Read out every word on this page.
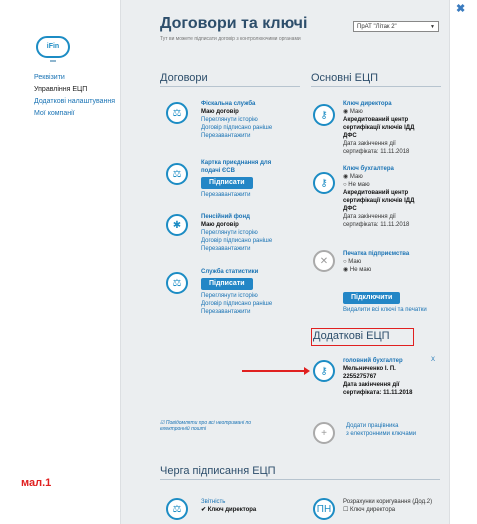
✖
iFin
Реквізити
Управління ЕЦП
Додаткові налаштування
Мої компанії
мал.1
Договори та ключі
Тут ви можете підписати договір з контролюючими органами
ПрАТ "Літак 2"	▼
Договори	Основні ЕЦП
⚖
Фіскальна служба
Маю договір
Переглянути історію
Договір підписано раніше
Перезавантажити
⚖
Картка приєднання для подачі ЄСВ
Підписати
Перезавантажити
✱
Пенсійний фонд
Маю договір
Переглянути історію
Договір підписано раніше
Перезавантажити
⚖
Служба статистики
Підписати
Переглянути історію
Договір підписано раніше
Перезавантажити
⚷
Ключ директора
◉ Маю
Акредитований центр
сертифікації ключів ІДД
ДФС
Дата закінчення дії
сертифіката: 11.11.2018
⚷
Ключ бухгалтера
◉ Маю
○ Не маю
Акредитований центр
сертифікації ключів ІДД
ДФС
Дата закінчення дії
сертифіката: 11.11.2018
✕
Печатка підприємства
○ Маю
◉ Не маю
Підключити
Видалити всі ключі та печатки
Додаткові ЕЦП
⚷
головний бухгалтер
Мельниченко І. П.
2255275767
Дата закінчення дії
сертифіката: 11.11.2018
X
+
Додати працівника
з електронними ключами
☑ Повідомляти про всі неотримані по електронній пошті
Черга підписання ЕЦП
⚖
Звітність
✔ Ключ директора	ПН
Розрахунки коригування (Дод.2)
☐ Ключ директора
